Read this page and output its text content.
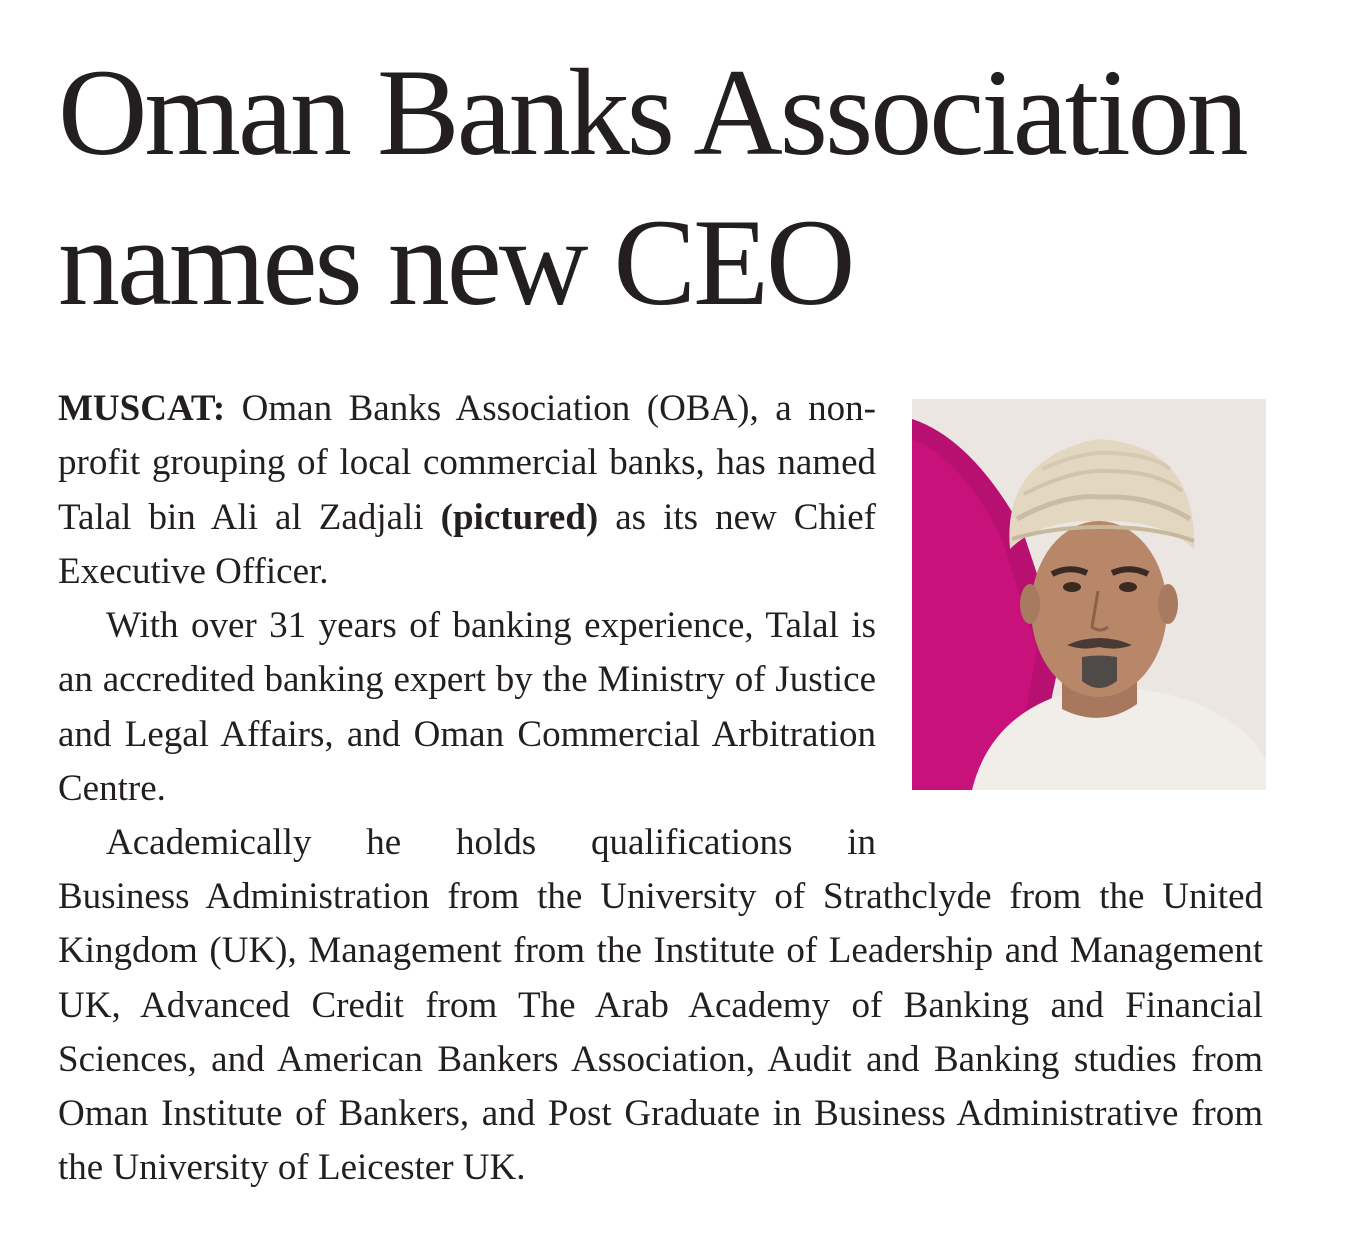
Oman Banks Association
names new CEO

MUSCAT: Oman Banks Association (OBA), a non-profit grouping of local commercial banks, has named Talal bin Ali al Zadjali (pictured) as its new Chief Executive Officer.

With over 31 years of banking experience, Talal is an accredited banking expert by the Ministry of Justice and Legal Affairs, and Oman Commercial Arbitration Centre.

Academically he holds qualifications in

Business Administration from the University of Strathclyde from the United Kingdom (UK), Management from the Institute of Leadership and Management UK, Advanced Credit from The Arab Academy of Banking and Financial Sciences, and American Bankers Association, Audit and Banking studies from Oman Institute of Bankers, and Post Graduate in Business Administrative from the University of Leicester UK.
